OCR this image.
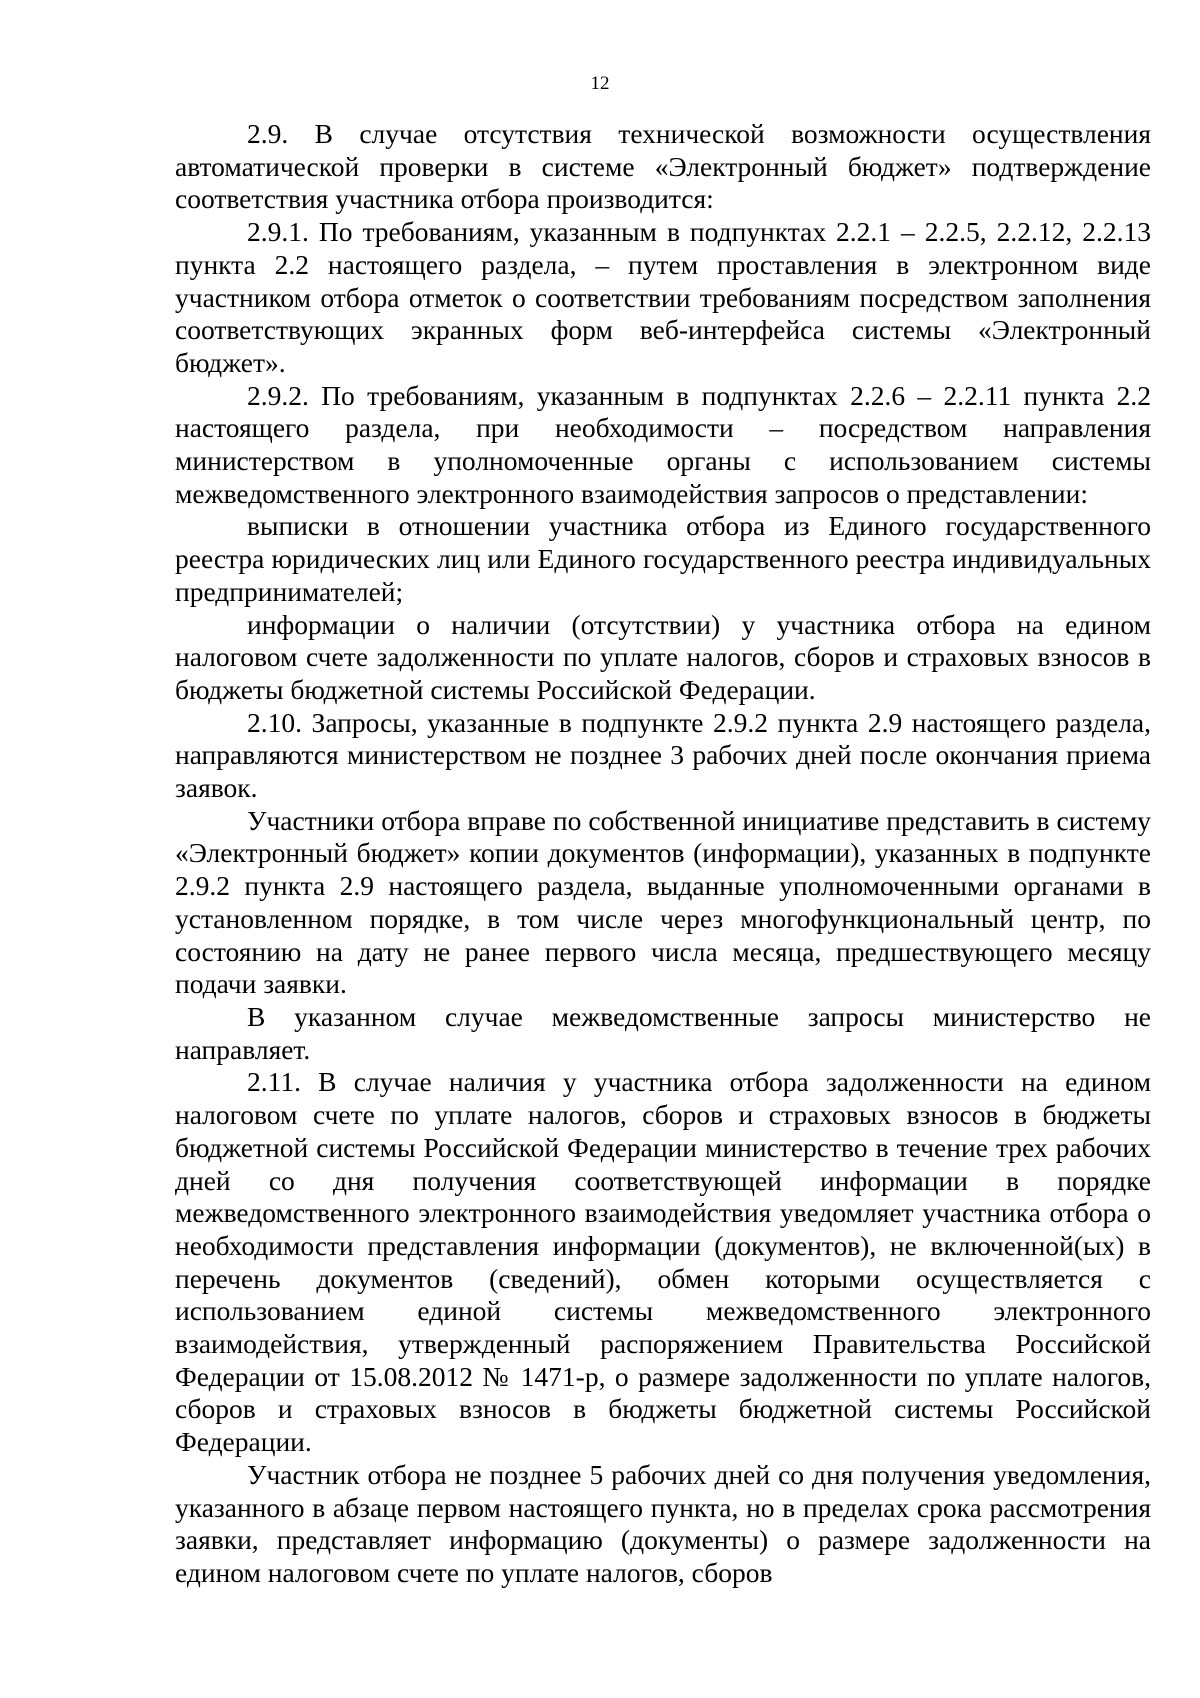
12

2.9. В случае отсутствия технической возможности осуществления автоматической проверки в системе «Электронный бюджет» подтверждение соответствия участника отбора производится:

2.9.1. По требованиям, указанным в подпунктах 2.2.1 – 2.2.5, 2.2.12, 2.2.13 пункта 2.2 настоящего раздела, – путем проставления в электронном виде участником отбора отметок о соответствии требованиям посредством заполнения соответствующих экранных форм веб-интерфейса системы «Электронный бюджет».

2.9.2. По требованиям, указанным в подпунктах 2.2.6 – 2.2.11 пункта 2.2 настоящего раздела, при необходимости – посредством направления министерством в уполномоченные органы с использованием системы межведомственного электронного взаимодействия запросов о представлении:

выписки в отношении участника отбора из Единого государственного реестра юридических лиц или Единого государственного реестра индивидуальных предпринимателей;

информации о наличии (отсутствии) у участника отбора на едином налоговом счете задолженности по уплате налогов, сборов и страховых взносов в бюджеты бюджетной системы Российской Федерации.

2.10. Запросы, указанные в подпункте 2.9.2 пункта 2.9 настоящего раздела, направляются министерством не позднее 3 рабочих дней после окончания приема заявок.

Участники отбора вправе по собственной инициативе представить в систему «Электронный бюджет» копии документов (информации), указанных в подпункте 2.9.2 пункта 2.9 настоящего раздела, выданные уполномоченными органами в установленном порядке, в том числе через многофункциональный центр, по состоянию на дату не ранее первого числа месяца, предшествующего месяцу подачи заявки.

В указанном случае межведомственные запросы министерство не направляет.

2.11. В случае наличия у участника отбора задолженности на едином налоговом счете по уплате налогов, сборов и страховых взносов в бюджеты бюджетной системы Российской Федерации министерство в течение трех рабочих дней со дня получения соответствующей информации в порядке межведомственного электронного взаимодействия уведомляет участника отбора о необходимости представления информации (документов), не включенной(ых) в перечень документов (сведений), обмен которыми осуществляется с использованием единой системы межведомственного электронного взаимодействия, утвержденный распоряжением Правительства Российской Федерации от 15.08.2012 № 1471-р, о размере задолженности по уплате налогов, сборов и страховых взносов в бюджеты бюджетной системы Российской Федерации.

Участник отбора не позднее 5 рабочих дней со дня получения уведомления, указанного в абзаце первом настоящего пункта, но в пределах срока рассмотрения заявки, представляет информацию (документы) о размере задолженности на едином налоговом счете по уплате налогов, сборов
